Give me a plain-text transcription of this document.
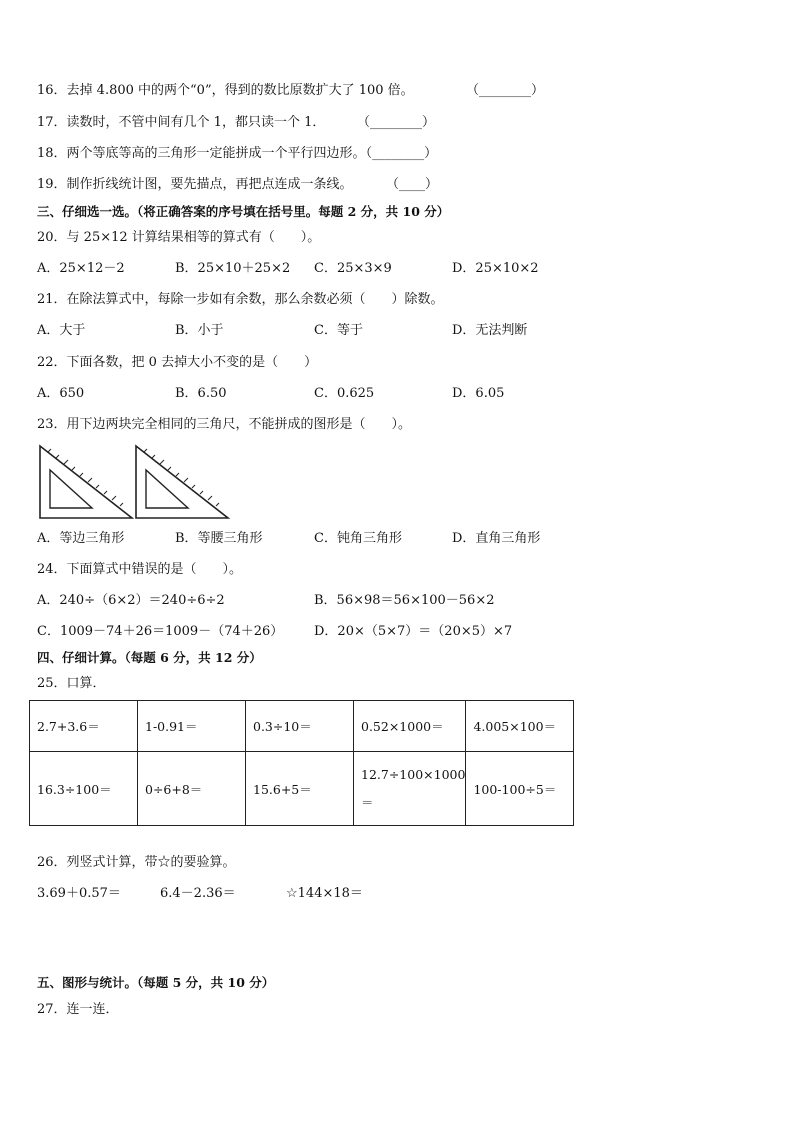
16．去掉 4.800 中的两个“0”，得到的数比原数扩大了 100 倍。	（________）
17．读数时，不管中间有几个 1，都只读一个 1． （________）
18．两个等底等高的三角形一定能拼成一个平行四边形。（________）
19．制作折线统计图，要先描点，再把点连成一条线。	（____）
三、仔细选一选。（将正确答案的序号填在括号里。每题 2 分，共 10 分）
20．与 25×12 计算结果相等的算式有（　　）。
A．25×12－2	B．25×10＋25×2 C．25×3×9	D．25×10×2
21．在除法算式中，每除一步如有余数，那么余数必须（　　）除数。
A．大于	B．小于	C．等于	D．无法判断
22．下面各数，把 0 去掉大小不变的是（　　）
A．650	B．6.50	C．0.625	D．6.05
23．用下边两块完全相同的三角尺，不能拼成的图形是（　　）。
A．等边三角形	B．等腰三角形	C．钝角三角形	D．直角三角形
24．下面算式中错误的是（　　）。
A．240÷（6×2）＝240÷6÷2	B．56×98＝56×100－56×2
C．1009－74＋26＝1009－（74＋26） D．20×（5×7）＝（20×5）×7
四、仔细计算。（每题 6 分，共 12 分）
25．口算．
2.7+3.6＝	1-0.91＝	0.3÷10＝	0.52×1000＝	4.005×100＝
16.3÷100＝	0÷6+8＝	15.6+5＝	12.7÷100×1000
＝	100-100÷5＝
26．列竖式计算，带☆的要验算。
3.69＋0.57＝	6.4－2.36＝	☆144×18＝
五、图形与统计。（每题 5 分，共 10 分）
27．连一连．
